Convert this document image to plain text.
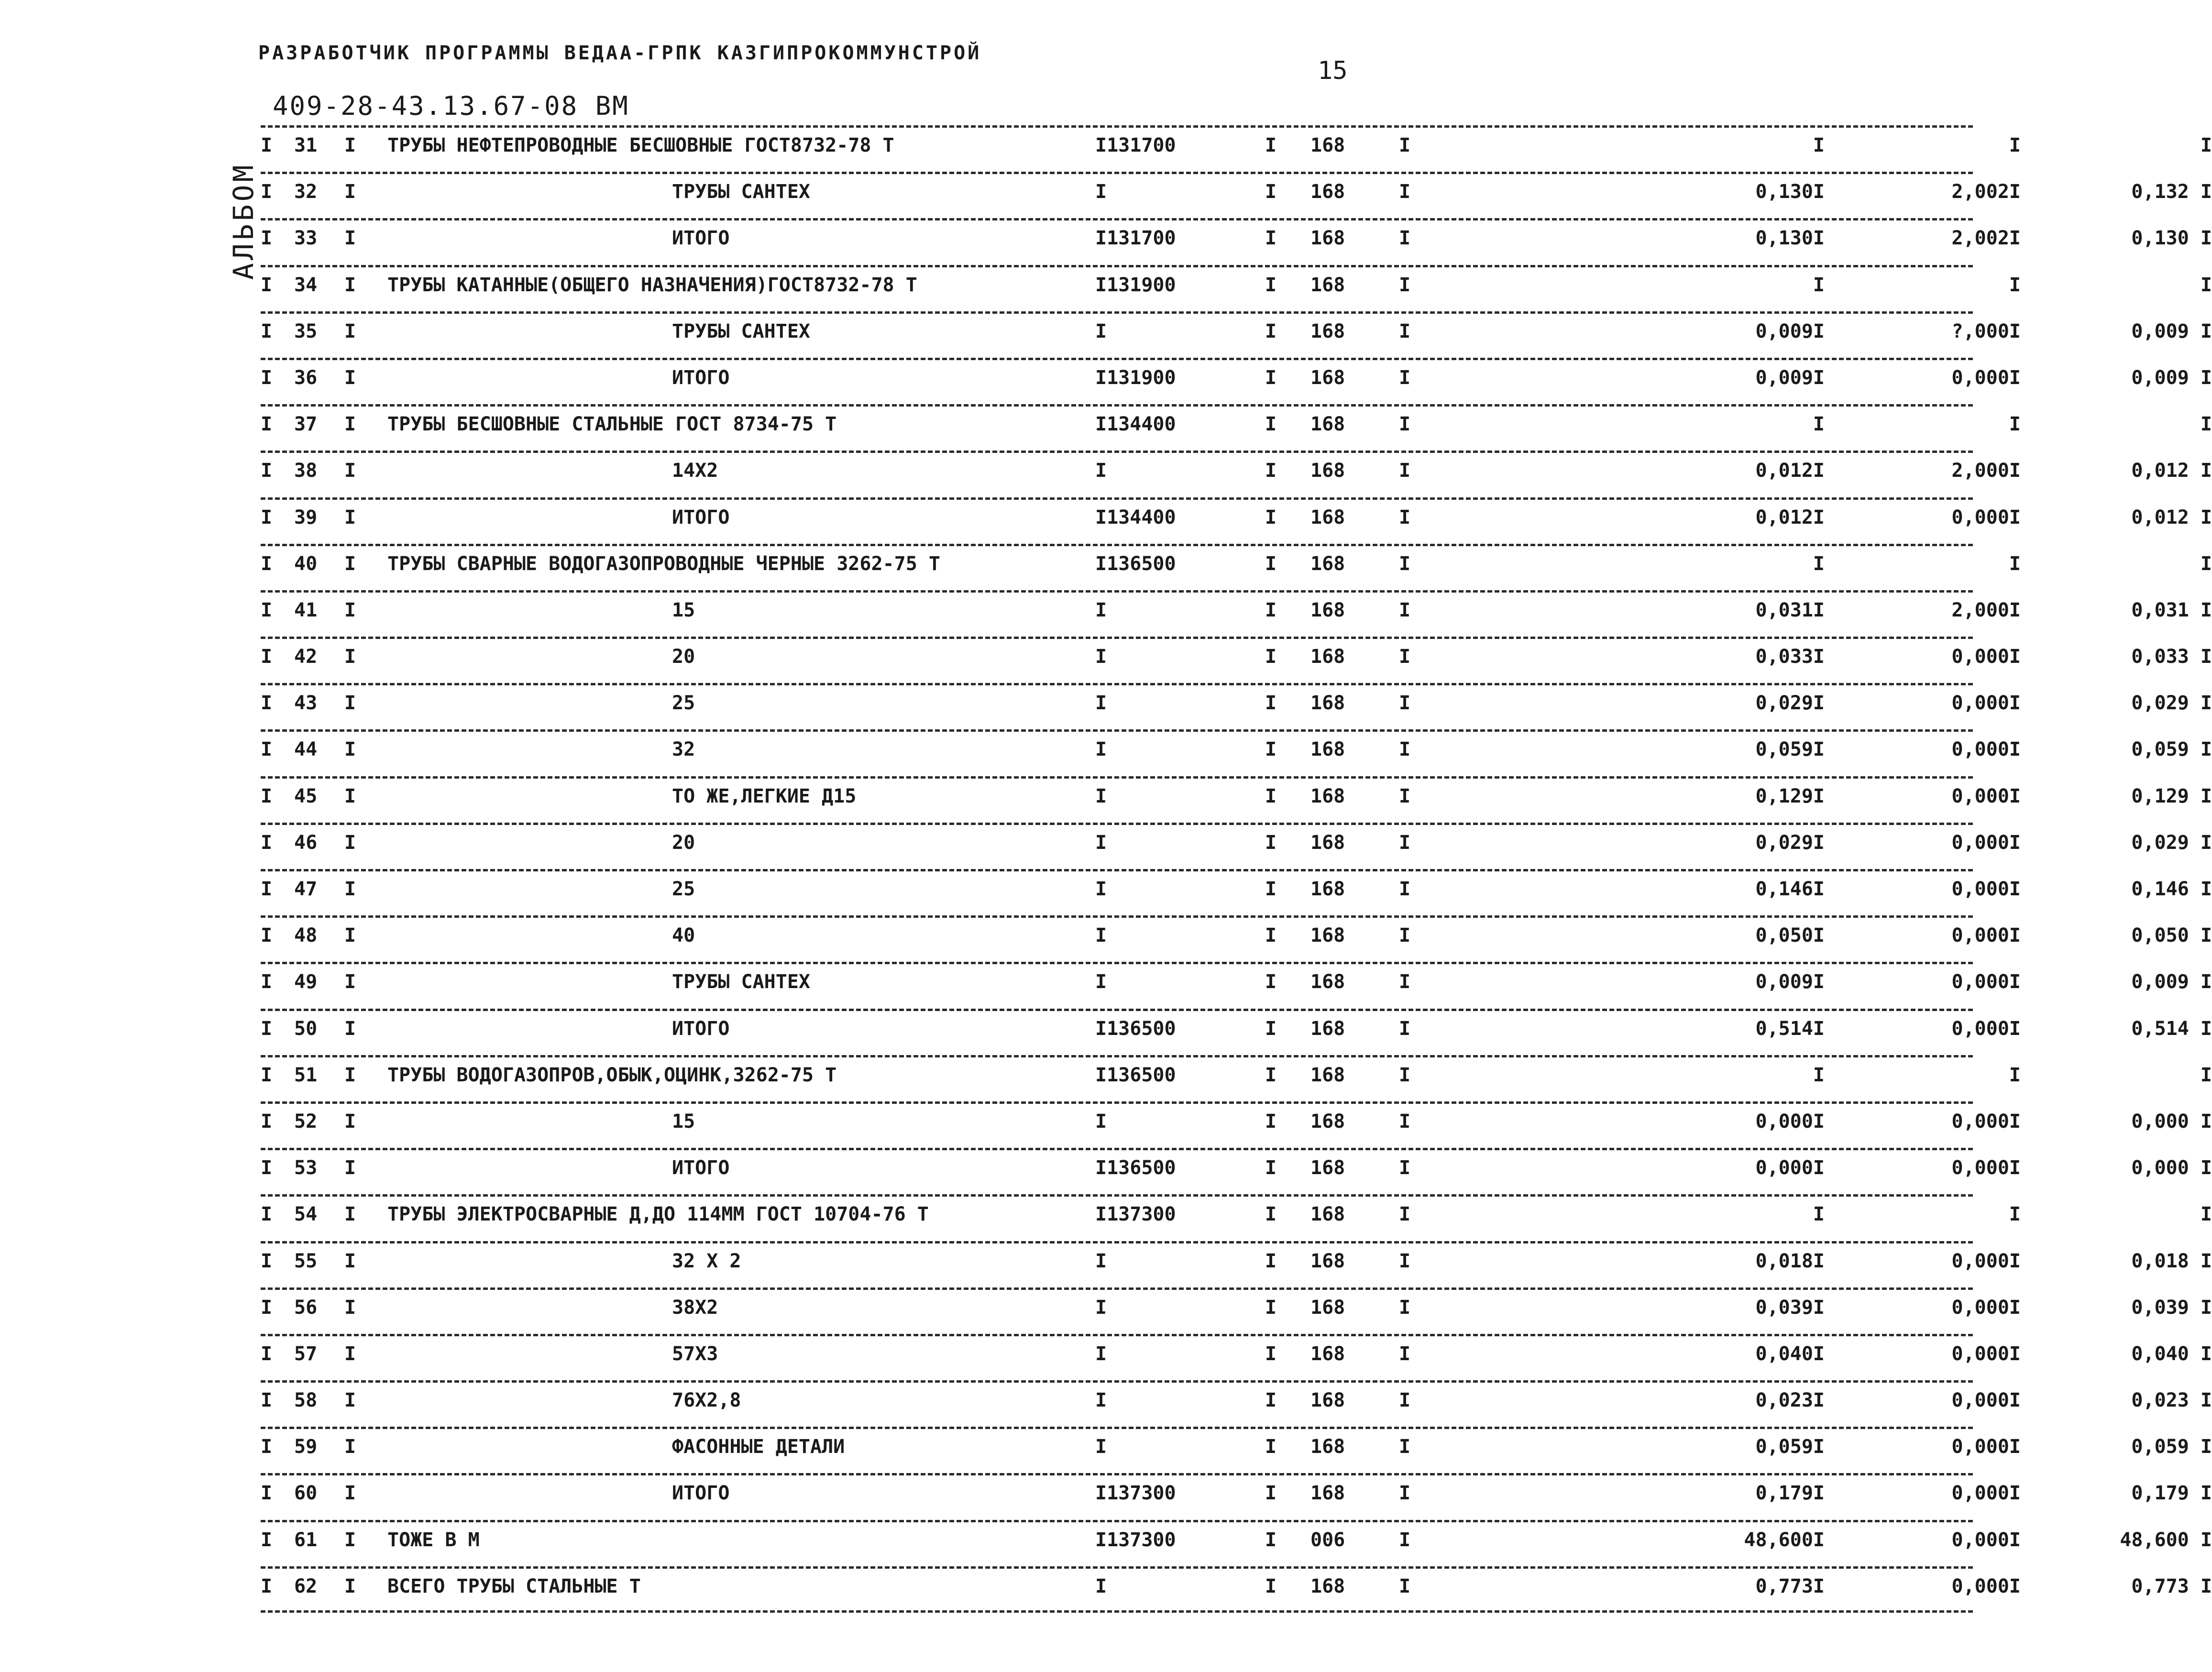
РАЗРАБОТЧИК ПРОГРАММЫ ВЕДАА-ГРПК КАЗГИПРОКОММУНСТРОЙ
15
409-28-43.13.67-08 ВМ
АЛЬБОМ
I 31 I ТРУБЫ НЕФТЕПРОВОДНЫЕ БЕСШОВНЫЕ ГОСТ8732-78 Т	I131700	I 168	I	I	I	I
I 32 I	ТРУБЫ САНТЕХ	I	I 168	I	0,130I	2,002I	0,132 I
I 33 I	ИТОГО	I131700	I 168	I	0,130I	2,002I	0,130 I
I 34 I ТРУБЫ КАТАННЫЕ(ОБЩЕГО НАЗНАЧЕНИЯ)ГОСТ8732-78 Т	I131900	I 168	I	I	I	I
I 35 I	ТРУБЫ САНТЕХ	I	I 168	I	0,009I	?,000I	0,009 I
I 36 I	ИТОГО	I131900	I 168	I	0,009I	0,000I	0,009 I
I 37 I ТРУБЫ БЕСШОВНЫЕ СТАЛЬНЫЕ ГОСТ 8734-75 Т	I134400	I 168	I	I	I	I
I 38 I	14X2	I	I 168	I	0,012I	2,000I	0,012 I
I 39 I	ИТОГО	I134400	I 168	I	0,012I	0,000I	0,012 I
I 40 I ТРУБЫ СВАРНЫЕ ВОДОГАЗОПРОВОДНЫЕ ЧЕРНЫЕ 3262-75 Т	I136500	I 168	I	I	I	I
I 41 I	15	I	I 168	I	0,031I	2,000I	0,031 I
I 42 I	20	I	I 168	I	0,033I	0,000I	0,033 I
I 43 I	25	I	I 168	I	0,029I	0,000I	0,029 I
I 44 I	32	I	I 168	I	0,059I	0,000I	0,059 I
I 45 I	ТО ЖЕ,ЛЕГКИЕ Д15	I	I 168	I	0,129I	0,000I	0,129 I
I 46 I	20	I	I 168	I	0,029I	0,000I	0,029 I
I 47 I	25	I	I 168	I	0,146I	0,000I	0,146 I
I 48 I	40	I	I 168	I	0,050I	0,000I	0,050 I
I 49 I	ТРУБЫ САНТЕХ	I	I 168	I	0,009I	0,000I	0,009 I
I 50 I	ИТОГО	I136500	I 168	I	0,514I	0,000I	0,514 I
I 51 I ТРУБЫ ВОДОГАЗОПРОВ,ОБЫК,ОЦИНК,3262-75 Т	I136500	I 168	I	I	I	I
I 52 I	15	I	I 168	I	0,000I	0,000I	0,000 I
I 53 I	ИТОГО	I136500	I 168	I	0,000I	0,000I	0,000 I
I 54 I ТРУБЫ ЭЛЕКТРОСВАРНЫЕ Д,ДО 114ММ ГОСТ 10704-76 Т	I137300	I 168	I	I	I	I
I 55 I	32 X 2	I	I 168	I	0,018I	0,000I	0,018 I
I 56 I	38X2	I	I 168	I	0,039I	0,000I	0,039 I
I 57 I	57X3	I	I 168	I	0,040I	0,000I	0,040 I
I 58 I	76X2,8	I	I 168	I	0,023I	0,000I	0,023 I
I 59 I	ФАСОННЫЕ ДЕТАЛИ	I	I 168	I	0,059I	0,000I	0,059 I
I 60 I	ИТОГО	I137300	I 168	I	0,179I	0,000I	0,179 I
I 61 I ТОЖЕ В М	I137300	I 006	I	48,600I	0,000I	48,600 I
I 62 I ВСЕГО ТРУБЫ СТАЛЬНЫЕ Т	I	I 168	I	0,773I	0,000I	0,773 I
